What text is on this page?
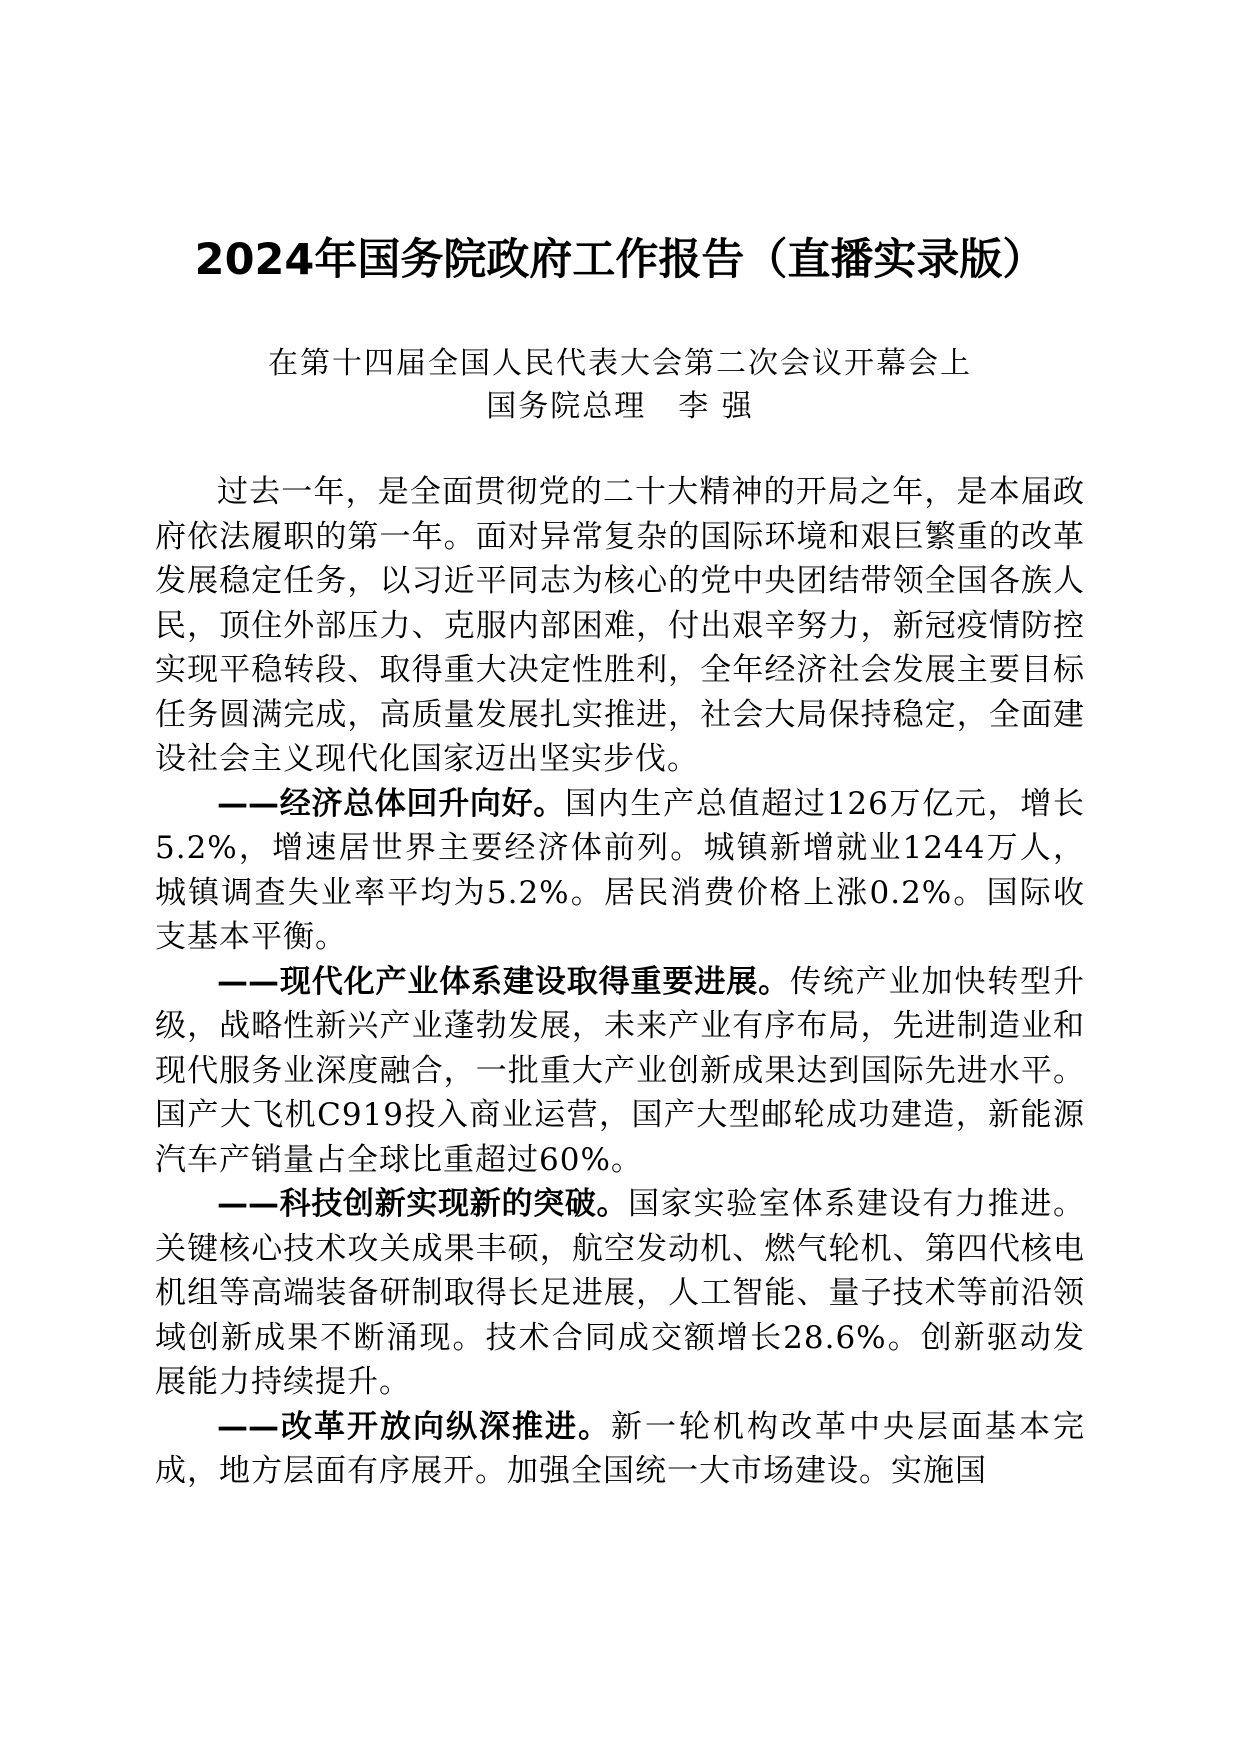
2024年国务院政府工作报告（直播实录版）

在第十四届全国人民代表大会第二次会议开幕会上

国务院总理　李 强

过去一年，是全面贯彻党的二十大精神的开局之年，是本届政府依法履职的第一年。面对异常复杂的国际环境和艰巨繁重的改革发展稳定任务，以习近平同志为核心的党中央团结带领全国各族人民，顶住外部压力、克服内部困难，付出艰辛努力，新冠疫情防控实现平稳转段、取得重大决定性胜利，全年经济社会发展主要目标任务圆满完成，高质量发展扎实推进，社会大局保持稳定，全面建设社会主义现代化国家迈出坚实步伐。

——经济总体回升向好。国内生产总值超过126万亿元，增长5.2%，增速居世界主要经济体前列。城镇新增就业1244万人，城镇调查失业率平均为5.2%。居民消费价格上涨0.2%。国际收支基本平衡。

——现代化产业体系建设取得重要进展。传统产业加快转型升级，战略性新兴产业蓬勃发展，未来产业有序布局，先进制造业和现代服务业深度融合，一批重大产业创新成果达到国际先进水平。国产大飞机C919投入商业运营，国产大型邮轮成功建造，新能源汽车产销量占全球比重超过60%。

——科技创新实现新的突破。国家实验室体系建设有力推进。关键核心技术攻关成果丰硕，航空发动机、燃气轮机、第四代核电机组等高端装备研制取得长足进展，人工智能、量子技术等前沿领域创新成果不断涌现。技术合同成交额增长28.6%。创新驱动发展能力持续提升。

——改革开放向纵深推进。新一轮机构改革中央层面基本完成，地方层面有序展开。加强全国统一大市场建设。实施国
